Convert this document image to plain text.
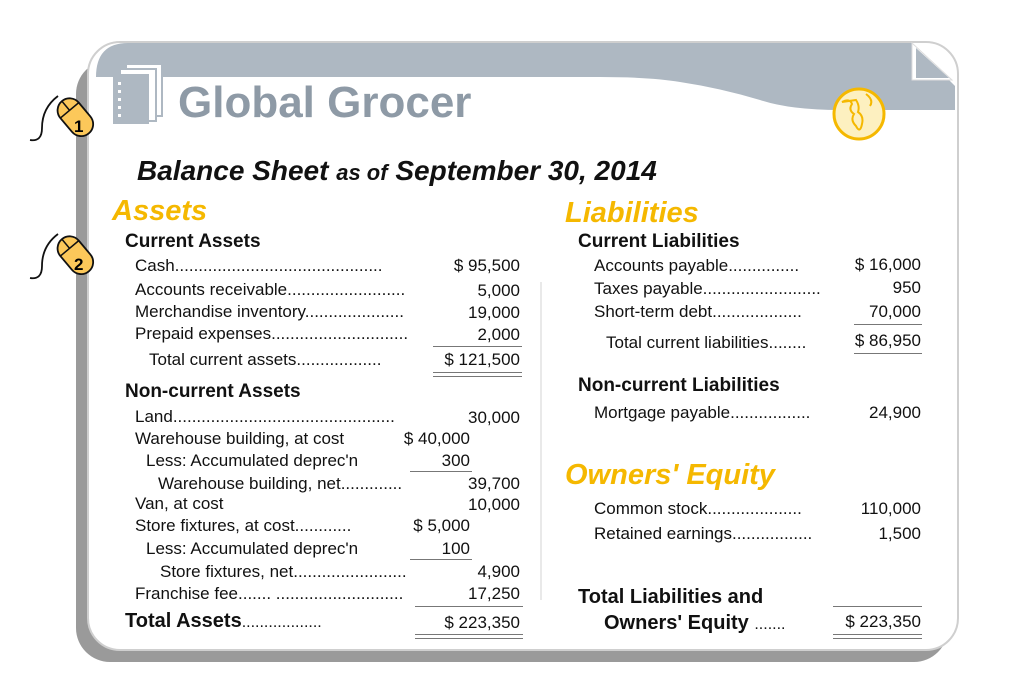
Global Grocer
1
2
Balance Sheet as of September 30, 2014
Assets
Current Assets
Cash............................................	$ 95,500
Accounts receivable.........................	5,000
Merchandise inventory.....................	19,000
Prepaid expenses.............................	2,000
Total current assets..................	$ 121,500
Non-current Assets
Land...............................................	30,000
Warehouse building, at cost	$ 40,000
Less: Accumulated deprec'n	300
Warehouse building, net.............	39,700
Van, at cost	10,000
Store fixtures, at cost............	$ 5,000
Less: Accumulated deprec'n	100
Store fixtures, net........................	4,900
Franchise fee....... ...........................	17,250
Total Assets..................	$ 223,350
Liabilities
Current Liabilities
Accounts payable...............	$ 16,000
Taxes payable.........................	950
Short-term debt...................	70,000
Total current liabilities........	$ 86,950
Non-current Liabilities
Mortgage payable.................	24,900
Owners' Equity
Common stock....................	110,000
Retained earnings.................	1,500
Total Liabilities and
Owners' Equity .......	$ 223,350
